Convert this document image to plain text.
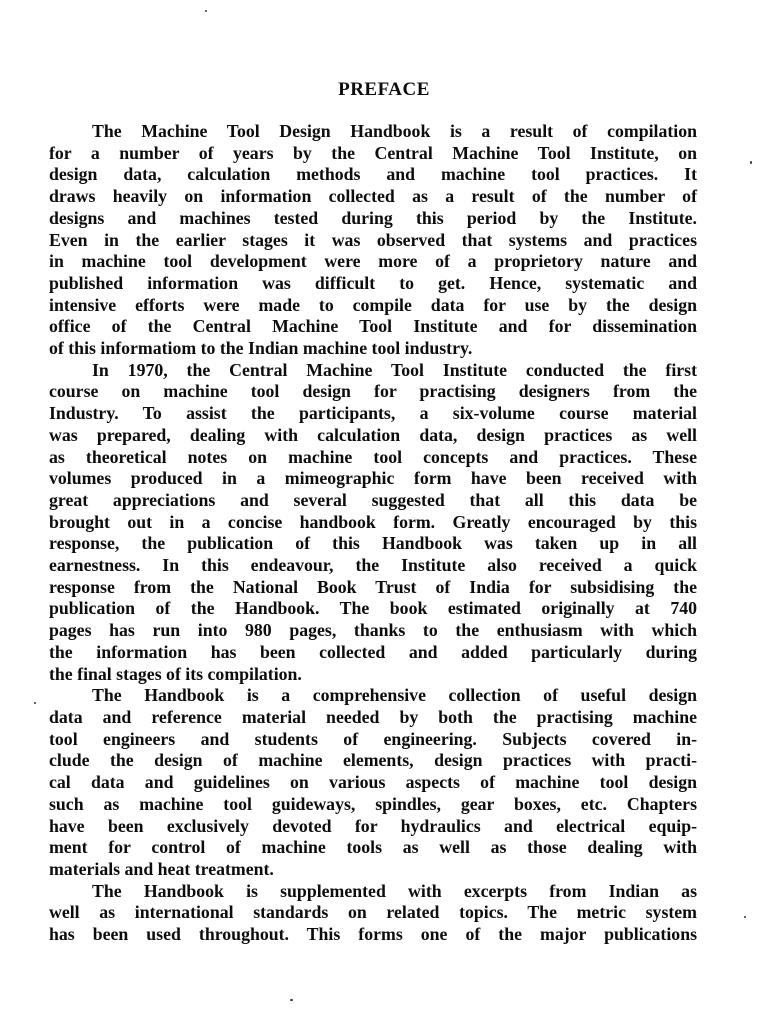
PREFACE
The Machine Tool Design Handbook is a result of compilation
for a number of years by the Central Machine Tool Institute, on
design data, calculation methods and machine tool practices. It
draws heavily on information collected as a result of the number of
designs and machines tested during this period by the Institute.
Even in the earlier stages it was observed that systems and practices
in machine tool development were more of a proprietory nature and
published information was difficult to get. Hence, systematic and
intensive efforts were made to compile data for use by the design
office of the Central Machine Tool Institute and for dissemination
of this informatiom to the Indian machine tool industry.
In 1970, the Central Machine Tool Institute conducted the first
course on machine tool design for practising designers from the
Industry. To assist the participants, a six-volume course material
was prepared, dealing with calculation data, design practices as well
as theoretical notes on machine tool concepts and practices. These
volumes produced in a mimeographic form have been received with
great appreciations and several suggested that all this data be
brought out in a concise handbook form. Greatly encouraged by this
response, the publication of this Handbook was taken up in all
earnestness. In this endeavour, the Institute also received a quick
response from the National Book Trust of India for subsidising the
publication of the Handbook. The book estimated originally at 740
pages has run into 980 pages, thanks to the enthusiasm with which
the information has been collected and added particularly during
the final stages of its compilation.
The Handbook is a comprehensive collection of useful design
data and reference material needed by both the practising machine
tool engineers and students of engineering. Subjects covered in-
clude the design of machine elements, design practices with practi-
cal data and guidelines on various aspects of machine tool design
such as machine tool guideways, spindles, gear boxes, etc. Chapters
have been exclusively devoted for hydraulics and electrical equip-
ment for control of machine tools as well as those dealing with
materials and heat treatment.
The Handbook is supplemented with excerpts from Indian as
well as international standards on related topics. The metric system
has been used throughout. This forms one of the major publications
